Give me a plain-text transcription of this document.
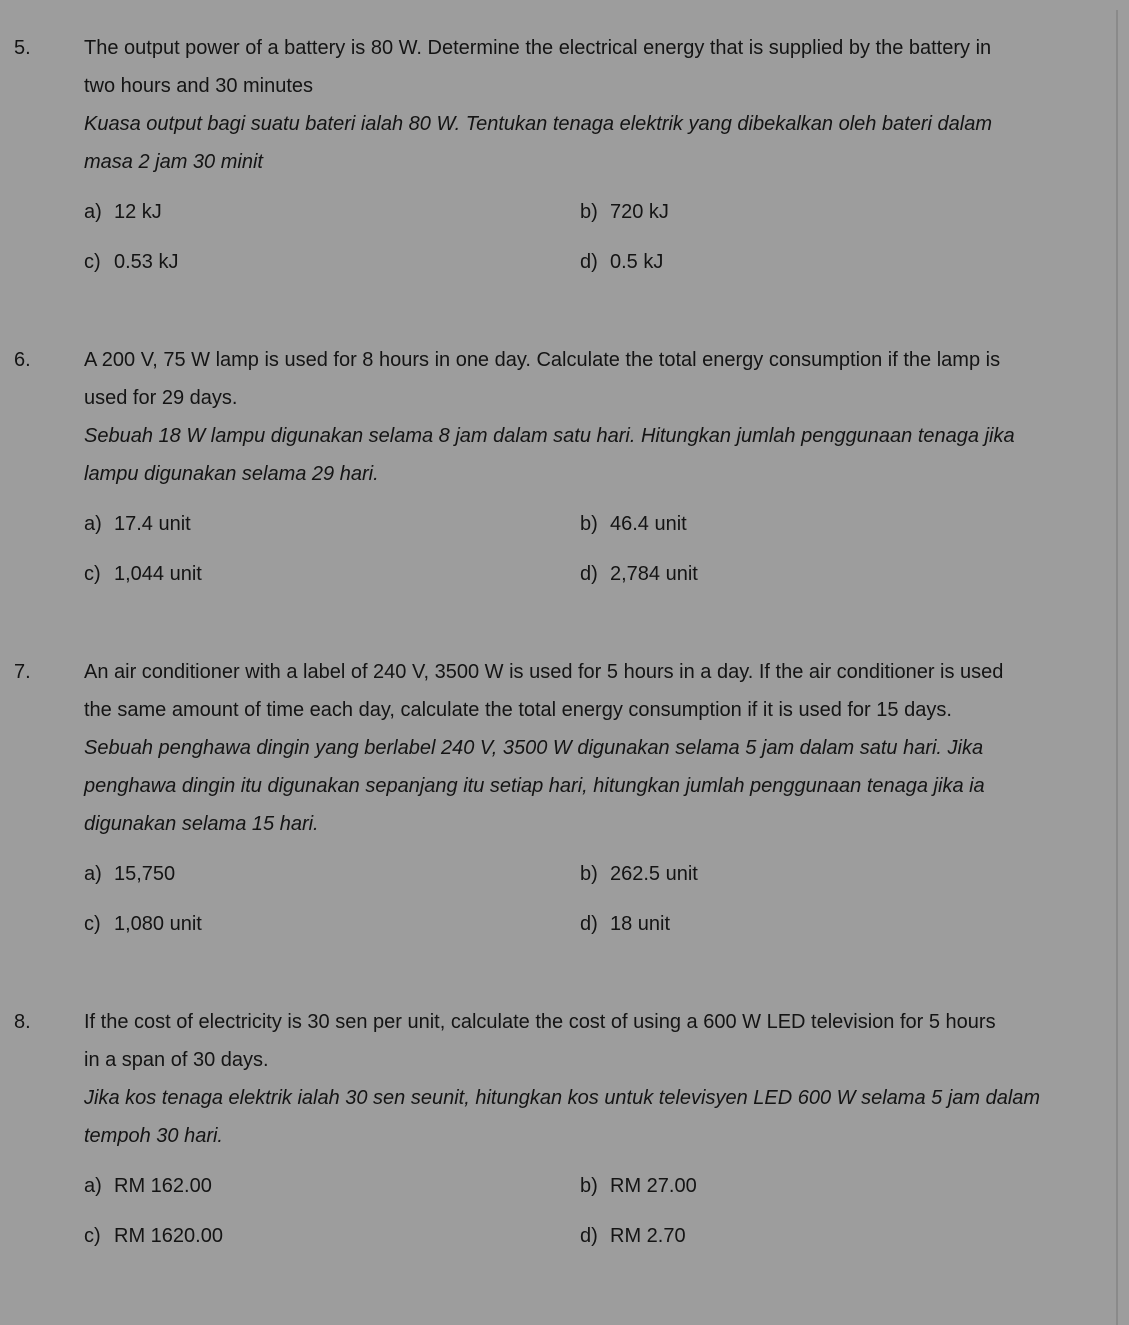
5.	The output power of a battery is 80 W. Determine the electrical energy that is supplied by the battery in
two hours and 30 minutes

Kuasa output bagi suatu bateri ialah 80 W. Tentukan tenaga elektrik yang dibekalkan oleh bateri dalam
masa 2 jam 30 minit

a) 12 kJ	b) 720 kJ
c) 0.53 kJ	d) 0.5 kJ
6.	A 200 V, 75 W lamp is used for 8 hours in one day. Calculate the total energy consumption if the lamp is
used for 29 days.

Sebuah 18 W lampu digunakan selama 8 jam dalam satu hari. Hitungkan jumlah penggunaan tenaga jika
lampu digunakan selama 29 hari.

a) 17.4 unit	b) 46.4 unit
c) 1,044 unit	d) 2,784 unit
7.	An air conditioner with a label of 240 V, 3500 W is used for 5 hours in a day. If the air conditioner is used
the same amount of time each day, calculate the total energy consumption if it is used for 15 days.

Sebuah penghawa dingin yang berlabel 240 V, 3500 W digunakan selama 5 jam dalam satu hari. Jika
penghawa dingin itu digunakan sepanjang itu setiap hari, hitungkan jumlah penggunaan tenaga jika ia
digunakan selama 15 hari.

a) 15,750	b) 262.5 unit
c) 1,080 unit	d) 18 unit
8.	If the cost of electricity is 30 sen per unit, calculate the cost of using a 600 W LED television for 5 hours
in a span of 30 days.

Jika kos tenaga elektrik ialah 30 sen seunit, hitungkan kos untuk televisyen LED 600 W selama 5 jam dalam
tempoh 30 hari.

a) RM 162.00	b) RM 27.00
c) RM 1620.00	d) RM 2.70
